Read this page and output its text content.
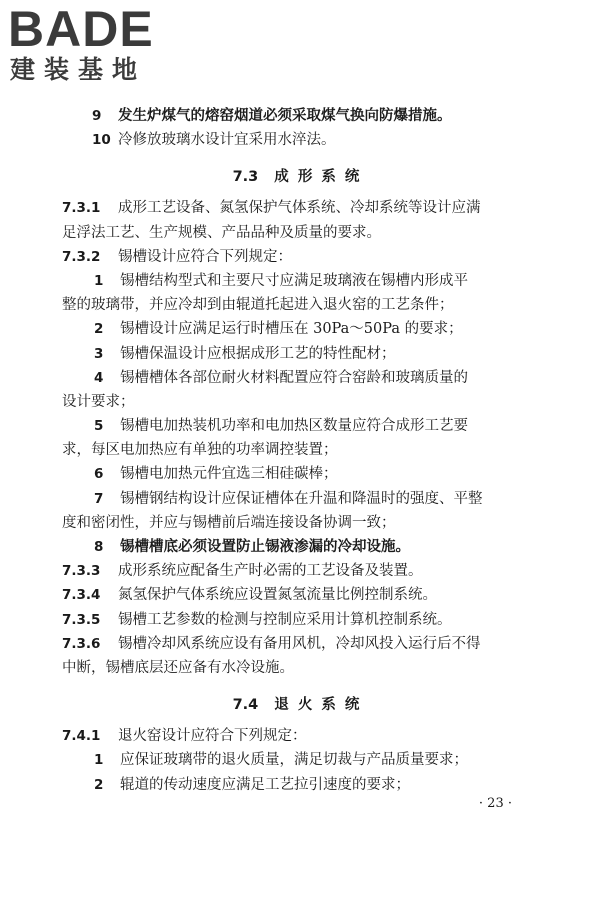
BADE
建装基地
9 发生炉煤气的熔窑烟道必须采取煤气换向防爆措施。
10 冷修放玻璃水设计宜采用水淬法。
7.3 成 形 系 统
7.3.1 成形工艺设备、氮氢保护气体系统、冷却系统等设计应满
足浮法工艺、生产规模、产品品种及质量的要求。
7.3.2 锡槽设计应符合下列规定：
1 锡槽结构型式和主要尺寸应满足玻璃液在锡槽内形成平
整的玻璃带，并应冷却到由辊道托起进入退火窑的工艺条件；
2 锡槽设计应满足运行时槽压在 30Pa～50Pa 的要求；
3 锡槽保温设计应根据成形工艺的特性配材；
4 锡槽槽体各部位耐火材料配置应符合窑龄和玻璃质量的
设计要求；
5 锡槽电加热装机功率和电加热区数量应符合成形工艺要
求，每区电加热应有单独的功率调控装置；
6 锡槽电加热元件宜选三相硅碳棒；
7 锡槽钢结构设计应保证槽体在升温和降温时的强度、平整
度和密闭性，并应与锡槽前后端连接设备协调一致；
8 锡槽槽底必须设置防止锡液渗漏的冷却设施。
7.3.3 成形系统应配备生产时必需的工艺设备及装置。
7.3.4 氮氢保护气体系统应设置氮氢流量比例控制系统。
7.3.5 锡槽工艺参数的检测与控制应采用计算机控制系统。
7.3.6 锡槽冷却风系统应设有备用风机，冷却风投入运行后不得
中断，锡槽底层还应备有水冷设施。
7.4 退 火 系 统
7.4.1 退火窑设计应符合下列规定：
1 应保证玻璃带的退火质量，满足切裁与产品质量要求；
2 辊道的传动速度应满足工艺拉引速度的要求；
· 23 ·
